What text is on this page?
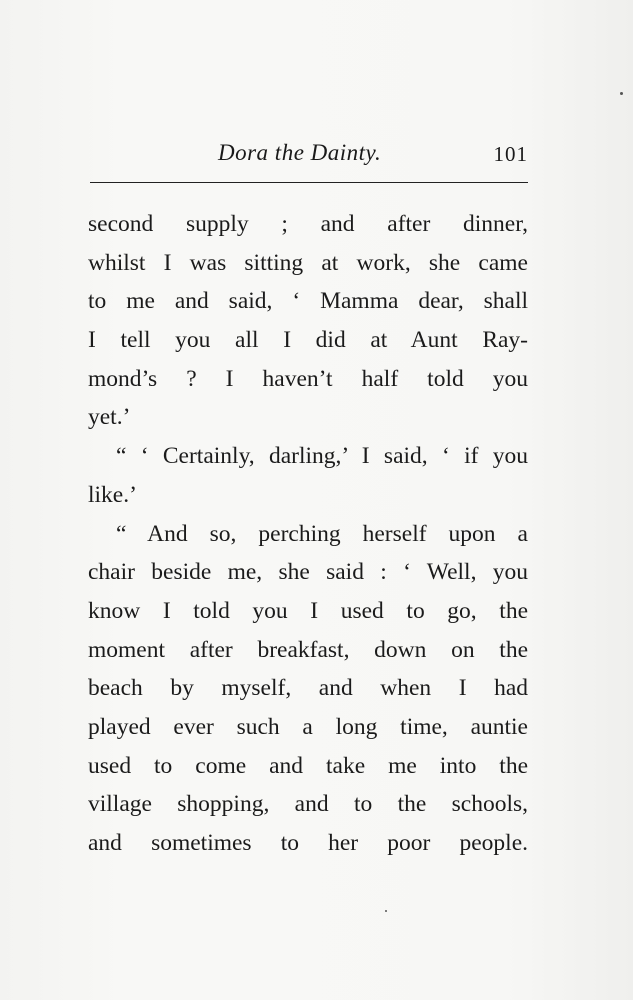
Dora the Dainty.	101
second supply ; and after dinner,
whilst I was sitting at work, she came
to me and said, ‘ Mamma dear, shall
I tell you all I did at Aunt Ray-
mond’s ? I haven’t half told you
yet.’
“ ‘ Certainly, darling,’ I said, ‘ if you
like.’
“ And so, perching herself upon a
chair beside me, she said : ‘ Well, you
know I told you I used to go, the
moment after breakfast, down on the
beach by myself, and when I had
played ever such a long time, auntie
used to come and take me into the
village shopping, and to the schools,
and sometimes to her poor people.
